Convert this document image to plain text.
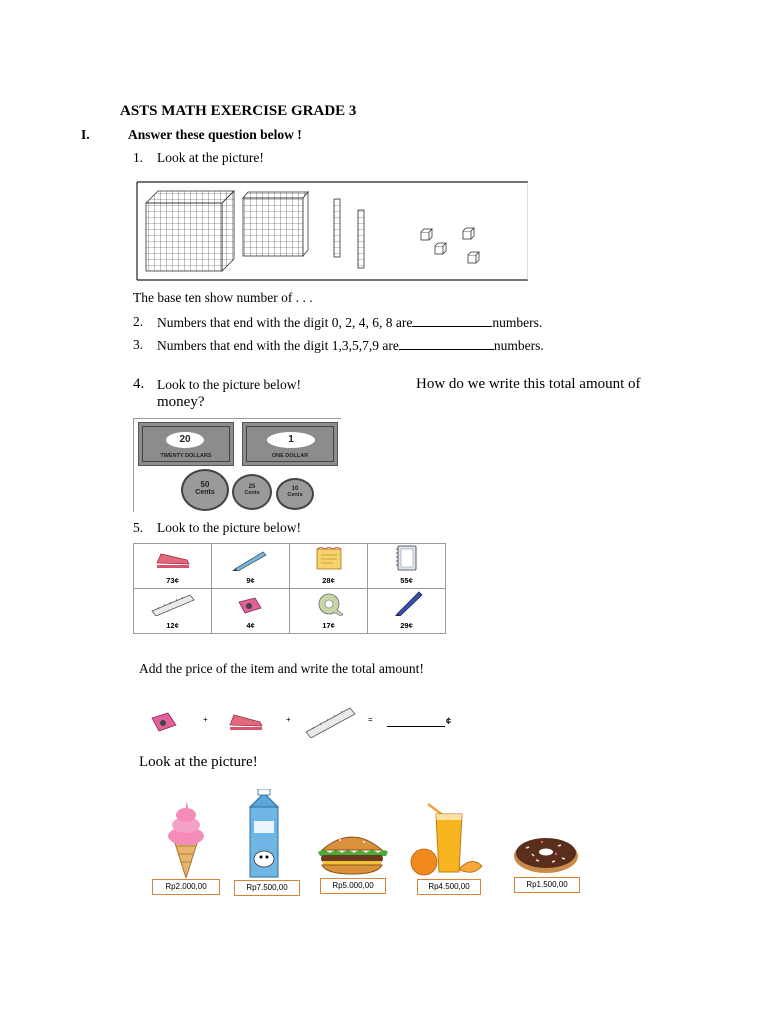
ASTS MATH EXERCISE GRADE 3
I.	Answer these question below !
1. Look at the picture!
The base ten show number of . . .
2. Numbers that end with the digit 0, 2, 4, 6, 8 are	numbers.
3. Numbers that end with the digit 1,3,5,7,9 are	numbers.
4. Look to the picture below!	How do we write this total amount of
money?
20
TWENTY DOLLARS
1
ONE DOLLAR
50
Cents
25
Cents
10
Cents
5. Look to the picture below!
73¢	9¢	28¢	55¢

12¢	4¢	17¢	29¢
Add the price of the item and write the total amount!
+	+	=	¢
Look at the picture!
Rp2.000,00	Rp7.500,00	Rp5.000,00	Rp4.500,00	Rp1.500,00
